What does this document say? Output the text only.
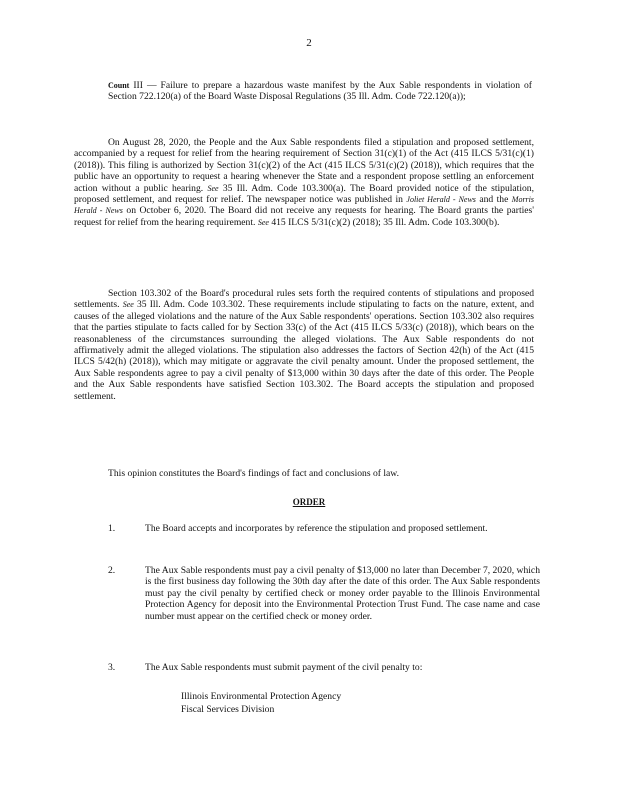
2
Count III — Failure to prepare a hazardous waste manifest by the Aux Sable respondents in violation of Section 722.120(a) of the Board Waste Disposal Regulations (35 Ill. Adm. Code 722.120(a));
On August 28, 2020, the People and the Aux Sable respondents filed a stipulation and proposed settlement, accompanied by a request for relief from the hearing requirement of Section 31(c)(1) of the Act (415 ILCS 5/31(c)(1) (2018)). This filing is authorized by Section 31(c)(2) of the Act (415 ILCS 5/31(c)(2) (2018)), which requires that the public have an opportunity to request a hearing whenever the State and a respondent propose settling an enforcement action without a public hearing. See 35 Ill. Adm. Code 103.300(a). The Board provided notice of the stipulation, proposed settlement, and request for relief. The newspaper notice was published in Joliet Herald - News and the Morris Herald - News on October 6, 2020. The Board did not receive any requests for hearing. The Board grants the parties' request for relief from the hearing requirement. See 415 ILCS 5/31(c)(2) (2018); 35 Ill. Adm. Code 103.300(b).
Section 103.302 of the Board's procedural rules sets forth the required contents of stipulations and proposed settlements. See 35 Ill. Adm. Code 103.302. These requirements include stipulating to facts on the nature, extent, and causes of the alleged violations and the nature of the Aux Sable respondents' operations. Section 103.302 also requires that the parties stipulate to facts called for by Section 33(c) of the Act (415 ILCS 5/33(c) (2018)), which bears on the reasonableness of the circumstances surrounding the alleged violations. The Aux Sable respondents do not affirmatively admit the alleged violations. The stipulation also addresses the factors of Section 42(h) of the Act (415 ILCS 5/42(h) (2018)), which may mitigate or aggravate the civil penalty amount. Under the proposed settlement, the Aux Sable respondents agree to pay a civil penalty of $13,000 within 30 days after the date of this order. The People and the Aux Sable respondents have satisfied Section 103.302. The Board accepts the stipulation and proposed settlement.
This opinion constitutes the Board's findings of fact and conclusions of law.
ORDER
1.	The Board accepts and incorporates by reference the stipulation and proposed settlement.
2.	The Aux Sable respondents must pay a civil penalty of $13,000 no later than December 7, 2020, which is the first business day following the 30th day after the date of this order. The Aux Sable respondents must pay the civil penalty by certified check or money order payable to the Illinois Environmental Protection Agency for deposit into the Environmental Protection Trust Fund. The case name and case number must appear on the certified check or money order.
3.	The Aux Sable respondents must submit payment of the civil penalty to:
Illinois Environmental Protection Agency
Fiscal Services Division
